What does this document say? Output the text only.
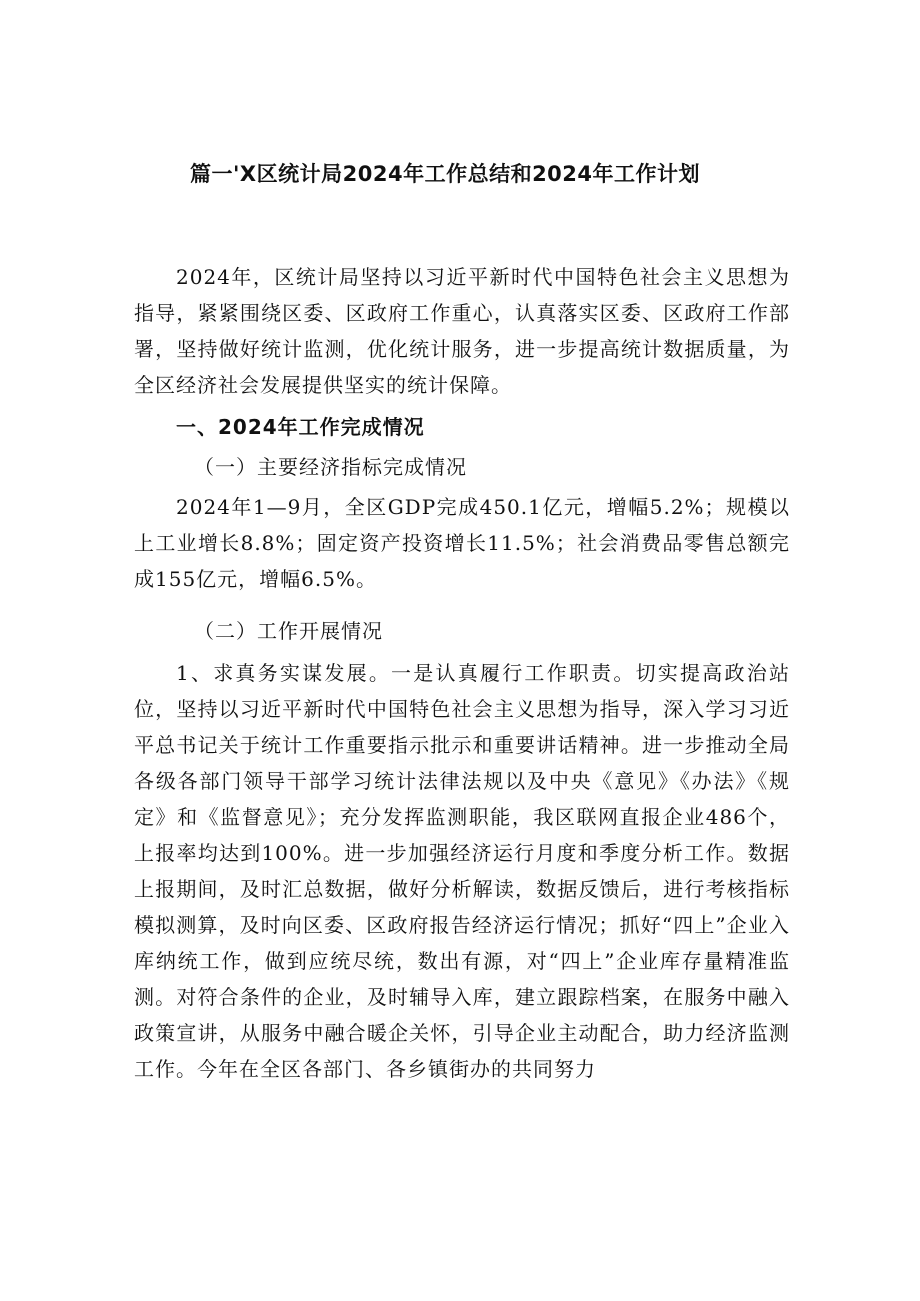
篇一'X区统计局2024年工作总结和2024年工作计划

2024年，区统计局坚持以习近平新时代中国特色社会主义思想为指导，紧紧围绕区委、区政府工作重心，认真落实区委、区政府工作部署，坚持做好统计监测，优化统计服务，进一步提高统计数据质量，为全区经济社会发展提供坚实的统计保障。

一、2024年工作完成情况

（一）主要经济指标完成情况

2024年1—9月，全区GDP完成450.1亿元，增幅5.2%；规模以上工业增长8.8%；固定资产投资增长11.5%；社会消费品零售总额完成155亿元，增幅6.5%。

（二）工作开展情况

1、求真务实谋发展。一是认真履行工作职责。切实提高政治站位，坚持以习近平新时代中国特色社会主义思想为指导，深入学习习近平总书记关于统计工作重要指示批示和重要讲话精神。进一步推动全局各级各部门领导干部学习统计法律法规以及中央《意见》《办法》《规定》和《监督意见》；充分发挥监测职能，我区联网直报企业486个，上报率均达到100%。进一步加强经济运行月度和季度分析工作。数据上报期间，及时汇总数据，做好分析解读，数据反馈后，进行考核指标模拟测算，及时向区委、区政府报告经济运行情况；抓好“四上”企业入库纳统工作，做到应统尽统，数出有源，对“四上”企业库存量精准监测。对符合条件的企业，及时辅导入库，建立跟踪档案，在服务中融入政策宣讲，从服务中融合暖企关怀，引导企业主动配合，助力经济监测工作。今年在全区各部门、各乡镇街办的共同努力
